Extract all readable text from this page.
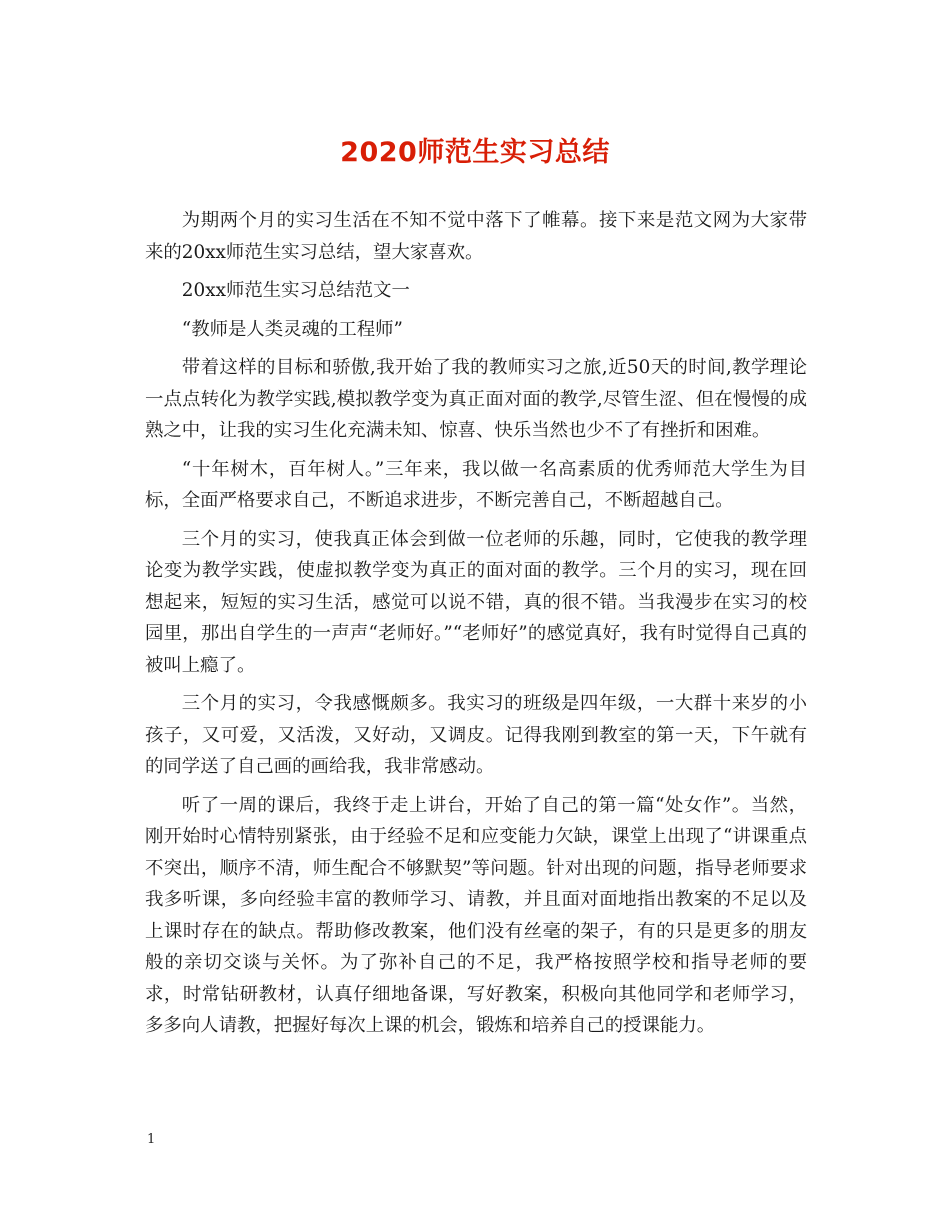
2020师范生实习总结

为期两个月的实习生活在不知不觉中落下了帷幕。接下来是范文网为大家带来的20xx师范生实习总结，望大家喜欢。

20xx师范生实习总结范文一

“教师是人类灵魂的工程师”

带着这样的目标和骄傲,我开始了我的教师实习之旅,近50天的时间,教学理论一点点转化为教学实践,模拟教学变为真正面对面的教学,尽管生涩、但在慢慢的成熟之中，让我的实习生化充满未知、惊喜、快乐当然也少不了有挫折和困难。

“十年树木，百年树人。”三年来，我以做一名高素质的优秀师范大学生为目标，全面严格要求自己，不断追求进步，不断完善自己，不断超越自己。

三个月的实习，使我真正体会到做一位老师的乐趣，同时，它使我的教学理论变为教学实践，使虚拟教学变为真正的面对面的教学。三个月的实习，现在回想起来，短短的实习生活，感觉可以说不错，真的很不错。当我漫步在实习的校园里，那出自学生的一声声“老师好。”“老师好”的感觉真好，我有时觉得自己真的被叫上瘾了。

三个月的实习，令我感慨颇多。我实习的班级是四年级，一大群十来岁的小孩子，又可爱，又活泼，又好动，又调皮。记得我刚到教室的第一天，下午就有的同学送了自己画的画给我，我非常感动。

听了一周的课后，我终于走上讲台，开始了自己的第一篇“处女作”。当然，刚开始时心情特别紧张，由于经验不足和应变能力欠缺，课堂上出现了“讲课重点不突出，顺序不清，师生配合不够默契”等问题。针对出现的问题，指导老师要求我多听课，多向经验丰富的教师学习、请教，并且面对面地指出教案的不足以及上课时存在的缺点。帮助修改教案，他们没有丝毫的架子，有的只是更多的朋友般的亲切交谈与关怀。为了弥补自己的不足，我严格按照学校和指导老师的要求，时常钻研教材，认真仔细地备课，写好教案，积极向其他同学和老师学习，多多向人请教，把握好每次上课的机会，锻炼和培养自己的授课能力。

1
